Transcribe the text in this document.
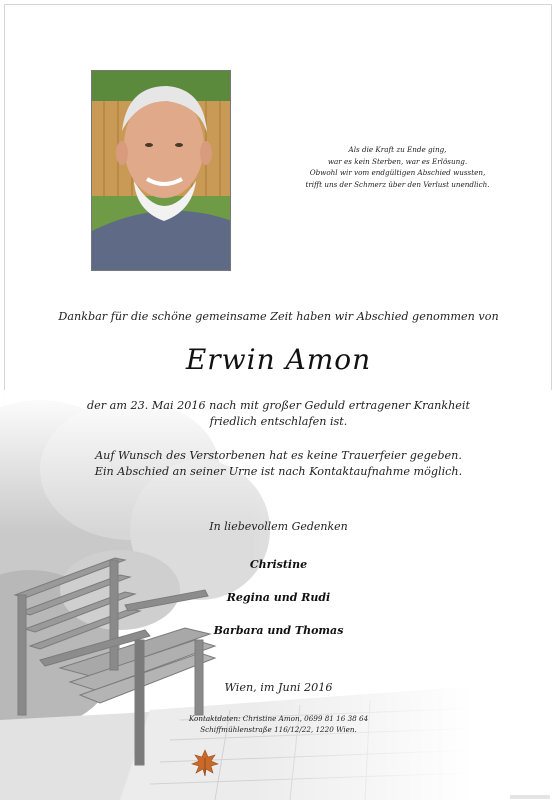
Als die Kraft zu Ende ging,
war es kein Sterben, war es Erlösung.
Obwohl wir vom endgültigen Abschied wussten,
trifft uns der Schmerz über den Verlust unendlich.
Dankbar für die schöne gemeinsame Zeit haben wir Abschied genommen von
Erwin Amon
der am 23. Mai 2016 nach mit großer Geduld ertragener Krankheit
friedlich entschlafen ist.
Auf Wunsch des Verstorbenen hat es keine Trauerfeier gegeben.
Ein Abschied an seiner Urne ist nach Kontaktaufnahme möglich.
In liebevollem Gedenken
Christine
Regina und Rudi
Barbara und Thomas
Wien, im Juni 2016
Kontaktdaten: Christine Amon, 0699 81 16 38 64
Schiffmühlenstraße 116/12/22, 1220 Wien.
